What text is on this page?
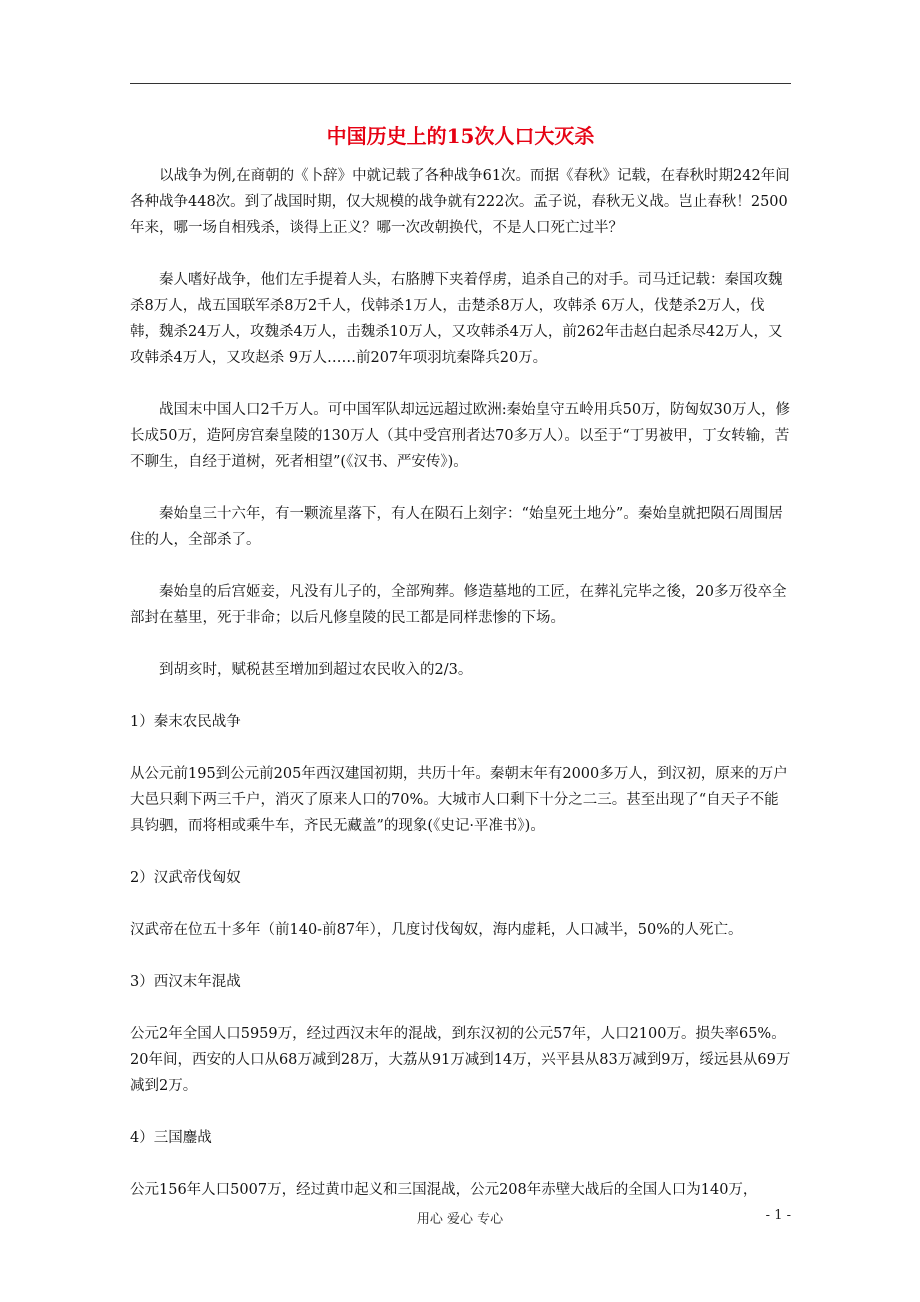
中国历史上的15次人口大灭杀

以战争为例,在商朝的《卜辞》中就记载了各种战争61次。而据《春秋》记载，在春秋时期242年间各种战争448次。到了战国时期，仅大规模的战争就有222次。孟子说，春秋无义战。岂止春秋！2500年来，哪一场自相残杀，谈得上正义？哪一次改朝换代，不是人口死亡过半？

秦人嗜好战争，他们左手提着人头，右胳膊下夹着俘虏，追杀自己的对手。司马迁记载：秦国攻魏杀8万人，战五国联军杀8万2千人，伐韩杀1万人，击楚杀8万人，攻韩杀 6万人，伐楚杀2万人，伐韩，魏杀24万人，攻魏杀4万人，击魏杀10万人，又攻韩杀4万人，前262年击赵白起杀尽42万人，又攻韩杀4万人，又攻赵杀 9万人……前207年项羽坑秦降兵20万。

战国末中国人口2千万人。可中国军队却远远超过欧洲:秦始皇守五岭用兵50万，防匈奴30万人，修长成50万，造阿房宫秦皇陵的130万人（其中受宫刑者达70多万人）。以至于“丁男被甲，丁女转输，苦不聊生，自经于道树，死者相望”(《汉书、严安传》)。

秦始皇三十六年，有一颗流星落下，有人在陨石上刻字：“始皇死土地分”。秦始皇就把陨石周围居住的人，全部杀了。

秦始皇的后宫姬妾，凡没有儿子的，全部殉葬。修造墓地的工匠，在葬礼完毕之後，20多万役卒全部封在墓里，死于非命；以后凡修皇陵的民工都是同样悲惨的下场。

到胡亥时，赋税甚至增加到超过农民收入的2/3。

1）秦末农民战争

从公元前195到公元前205年西汉建国初期，共历十年。秦朝末年有2000多万人，到汉初，原来的万户大邑只剩下两三千户，消灭了原来人口的70%。大城市人口剩下十分之二三。甚至出现了“自天子不能具钧驷，而将相或乘牛车，齐民无藏盖”的现象(《史记·平准书》)。

2）汉武帝伐匈奴

汉武帝在位五十多年（前140-前87年），几度讨伐匈奴，海内虚耗，人口减半，50%的人死亡。

3）西汉末年混战

公元2年全国人口5959万，经过西汉末年的混战，到东汉初的公元57年，人口2100万。损失率65%。20年间，西安的人口从68万减到28万，大荔从91万减到14万，兴平县从83万减到9万，绥远县从69万减到2万。

4）三国鏖战

公元156年人口5007万，经过黄巾起义和三国混战，公元208年赤壁大战后的全国人口为140万，

用心 爱心 专心	- 1 -
